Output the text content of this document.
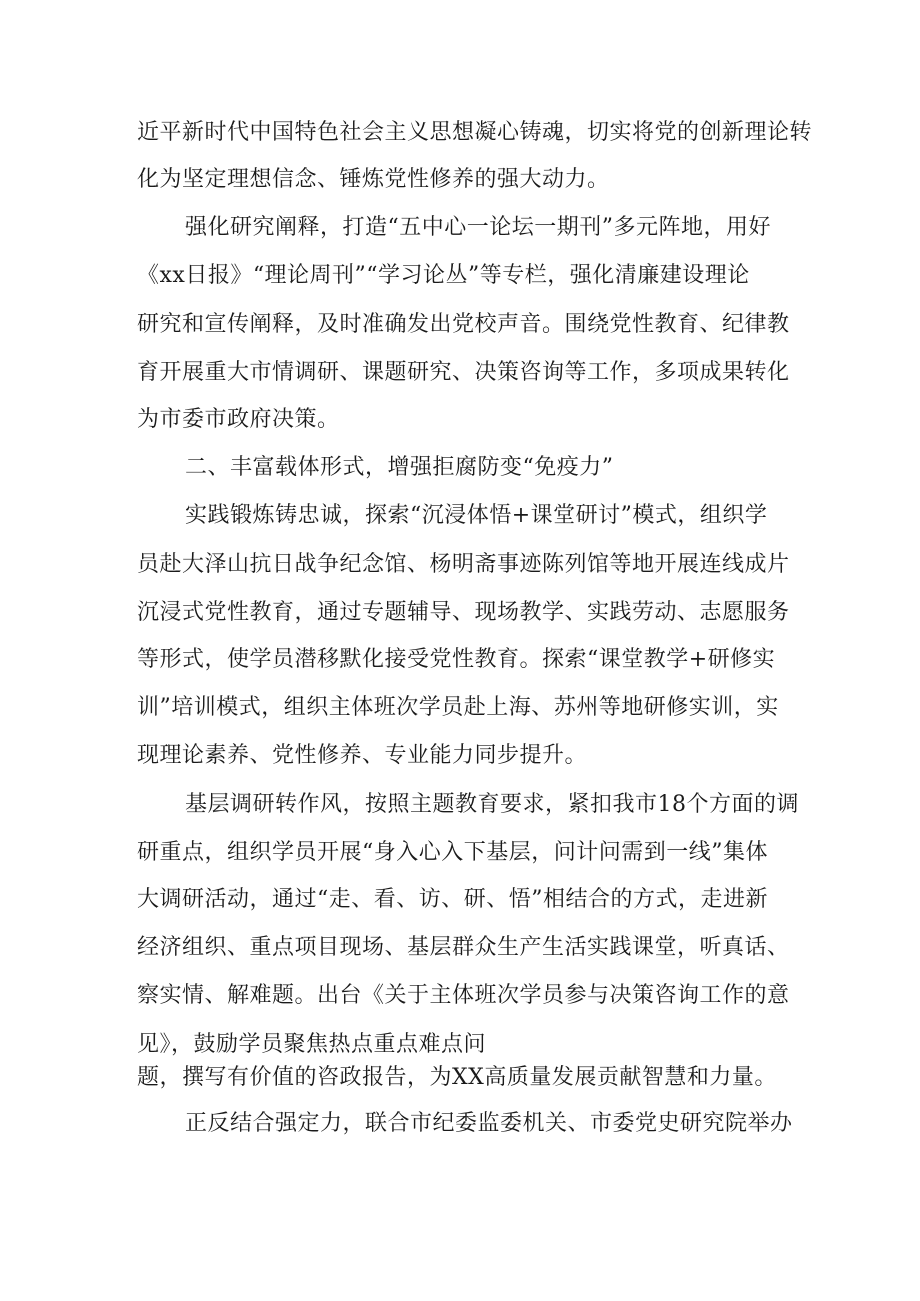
近平新时代中国特色社会主义思想凝心铸魂，切实将党的创新理论转
化为坚定理想信念、锤炼党性修养的强大动力。
强化研究阐释，打造“五中心一论坛一期刊”多元阵地，用好
《xx日报》“理论周刊”“学习论丛”等专栏，强化清廉建设理论
研究和宣传阐释，及时准确发出党校声音。围绕党性教育、纪律教
育开展重大市情调研、课题研究、决策咨询等工作，多项成果转化
为市委市政府决策。
二、丰富载体形式，增强拒腐防变“免疫力”
实践锻炼铸忠诚，探索“沉浸体悟+课堂研讨”模式，组织学
员赴大泽山抗日战争纪念馆、杨明斋事迹陈列馆等地开展连线成片
沉浸式党性教育，通过专题辅导、现场教学、实践劳动、志愿服务
等形式，使学员潜移默化接受党性教育。探索“课堂教学+研修实
训”培训模式，组织主体班次学员赴上海、苏州等地研修实训，实
现理论素养、党性修养、专业能力同步提升。
基层调研转作风，按照主题教育要求，紧扣我市18个方面的调
研重点，组织学员开展“身入心入下基层，问计问需到一线”集体
大调研活动，通过“走、看、访、研、悟”相结合的方式，走进新
经济组织、重点项目现场、基层群众生产生活实践课堂，听真话、
察实情、解难题。出台《关于主体班次学员参与决策咨询工作的意
见》，鼓励学员聚焦热点重点难点问
题，撰写有价值的咨政报告，为XX高质量发展贡献智慧和力量。
正反结合强定力，联合市纪委监委机关、市委党史研究院举办
